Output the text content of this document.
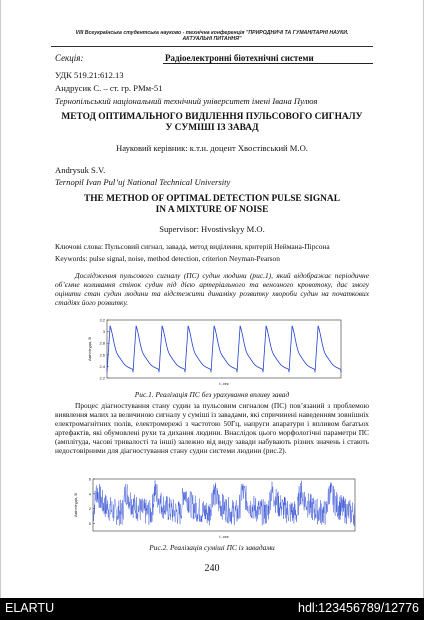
VIII Всеукраїнська студентська науково - технічна конференція "ПРИРОДНИЧІ ТА ГУМАНІТАРНІ НАУКИ.
АКТУАЛЬНІ ПИТАННЯ"
Секція:	Радіоелектронні біотехнічні системи
УДК 519.21:612.13
Андрусик С. – ст. гр. РМм-51
Тернопільський національний технічний університет імені Івана Пулюя
МЕТОД ОПТИМАЛЬНОГО ВИДІЛЕННЯ ПУЛЬСОВОГО СИГНАЛУ
У СУМІШІ ІЗ ЗАВАД
Науковий керівник: к.т.н. доцент Хвостівський М.О.
Andrysuk S.V.
Ternopil Ivan Pul’uj National Technical University
THE METHOD OF OPTIMAL DETECTION PULSE SIGNAL
IN A MIXTURE OF NOISE
Supervisor: Hvostivskyy M.O.
Ключові слова: Пульсовий сигнал, завада, метод виділення, критерій Неймана-Пірсона
Keywords: pulse signal, noise, method detection, criterion Neyman-Pearson

Дослідження пульсового сигналу (ПС) судин людини (рис.1), який відображає періодичне об’ємне коливання стінок судин під дією артеріального та венозного кровотоку, дає змогу оцінити стан судин людини та відстежити динаміку розвитку хвороби судин на початкових стадіях його розвитку.

3.2
3
2.8
2.6
2.4
2.2
Амплітуда, В
t, сек
Рис.1. Реалізація ПС без урахування впливу завад

Процес діагностування стану судин за пульсовим сигналом (ПС) пов’язаний з проблемою виявлення малих за величиною сигналу у суміші із завадами, які спричинені наведенням зовнішніх електромагнітних полів, електромережі з частотою 50Гц, напруги апаратури і впливом багатьох артефактів, які обумовлені рухи та дихання людини. Внаслідок цього морфологічні параметри ПС (амплітуда, часові тривалості та інші) залежно від виду завади набувають різних значень і стають недостовірними для діагностування стану судин системи людини (рис.2).

6
4
2
0
Амплітуда, В
t, сек
Рис.2. Реалізація суміші ПС із завадами
240
ELARTU	hdl:123456789/12776
